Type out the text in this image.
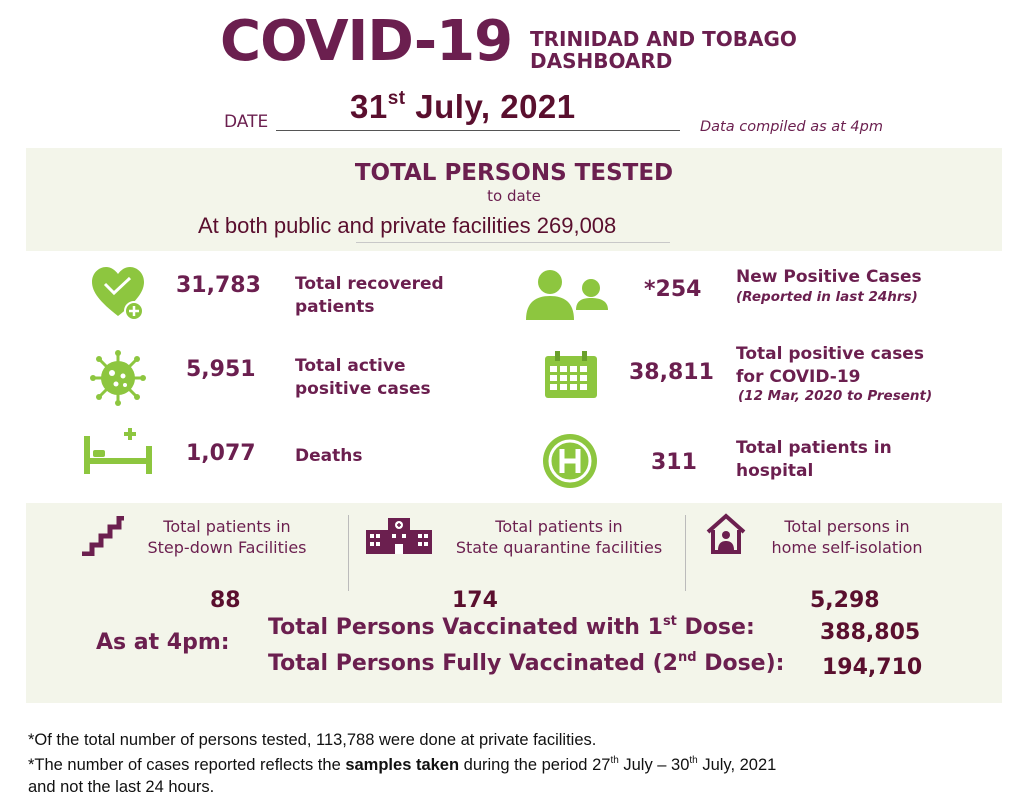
COVID-19 TRINIDAD AND TOBAGO
DASHBOARD
DATE 31st July, 2021
Data compiled as at 4pm
TOTAL PERSONS TESTED
to date
At both public and private facilities 269,008
31,783 Total recovered
patients
5,951 Total active
positive cases
1,077 Deaths
*254 New Positive Cases
(Reported in last 24hrs)
38,811
Total positive cases
for COVID-19
(12 Mar, 2020 to Present)
311
Total patients in
hospital
Total patients in
Step-down Facilities
Total patients in
State quarantine facilities
Total persons in
home self-isolation
88	174	5,298
As at 4pm:
Total Persons Vaccinated with 1st Dose:	388,805
Total Persons Fully Vaccinated (2nd Dose): 194,710
*Of the total number of persons tested, 113,788 were done at private facilities.
*The number of cases reported reflects the samples taken during the period 27th July – 30th July, 2021
and not the last 24 hours.
